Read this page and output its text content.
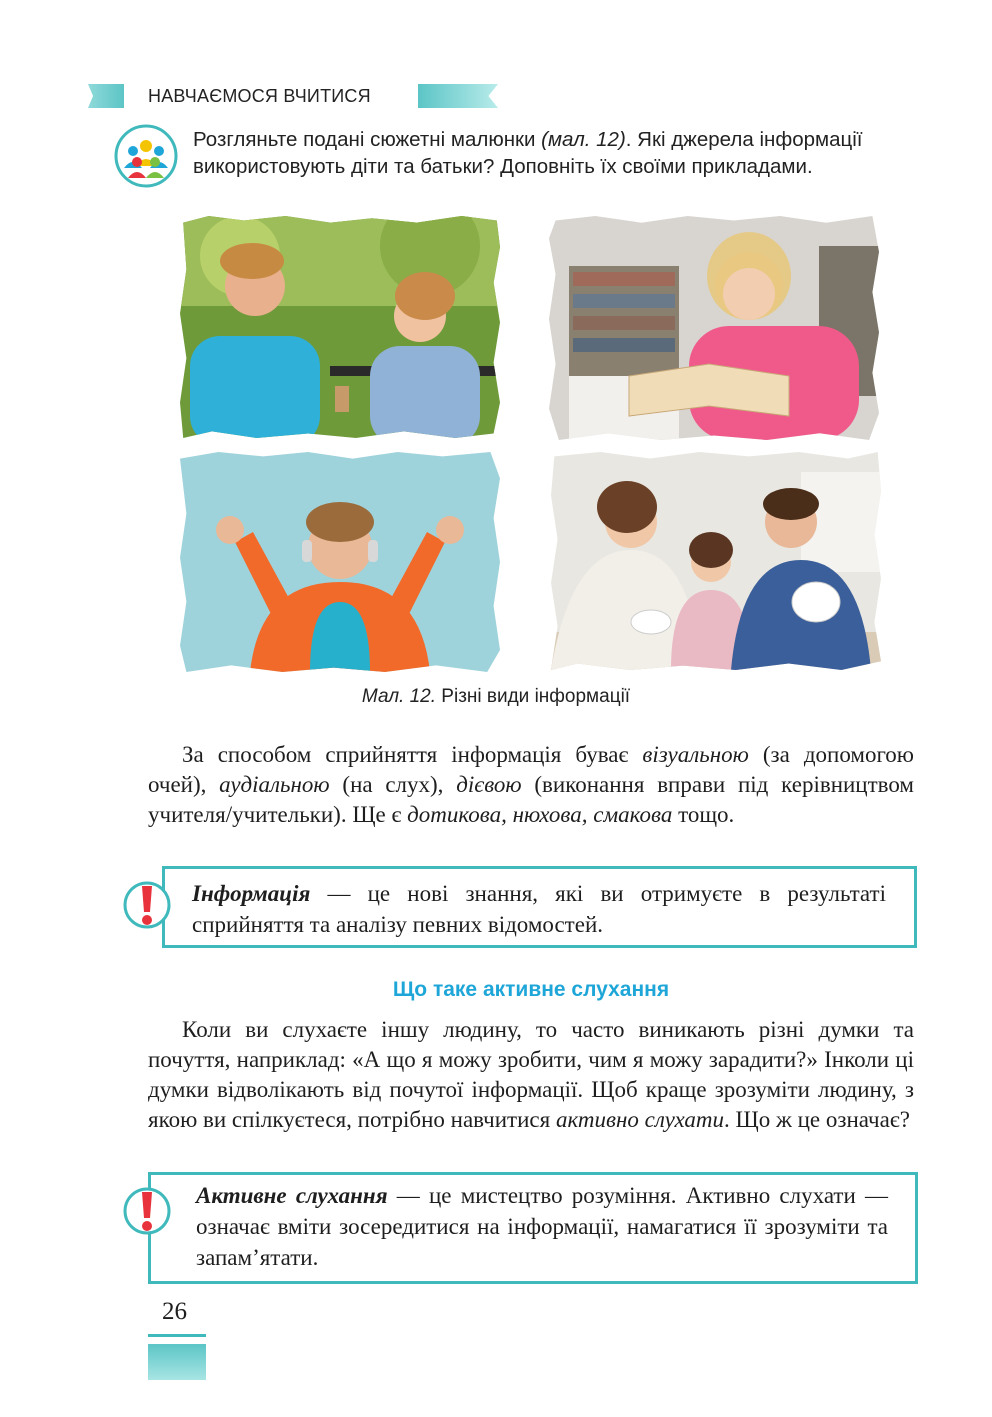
НАВЧАЄМОСЯ ВЧИТИСЯ
Розгляньте подані сюжетні малюнки (мал. 12). Які джерела інформації використовують діти та батьки? Доповніть їх своїми прикладами.
Мал. 12. Різні види інформації
За способом сприйняття інформація буває візуальною (за допомогою очей), аудіальною (на слух), дієвою (виконання вправи під керівництвом учителя/учительки). Ще є дотикова, нюхова, смакова тощо.
Інформація — це нові знання, які ви отримуєте в результаті сприйняття та аналізу певних відомостей.
Що таке активне слухання
Коли ви слухаєте іншу людину, то часто виникають різні думки та почуття, наприклад: «А що я можу зробити, чим я можу зарадити?» Інколи ці думки відволікають від почутої інформації. Щоб краще зрозуміти людину, з якою ви спілкуєтеся, потрібно навчитися активно слухати. Що ж це означає?
Активне слухання — це мистецтво розуміння. Активно слухати — означає вміти зосередитися на інформації, намагатися її зрозуміти та запам’ятати.
26
